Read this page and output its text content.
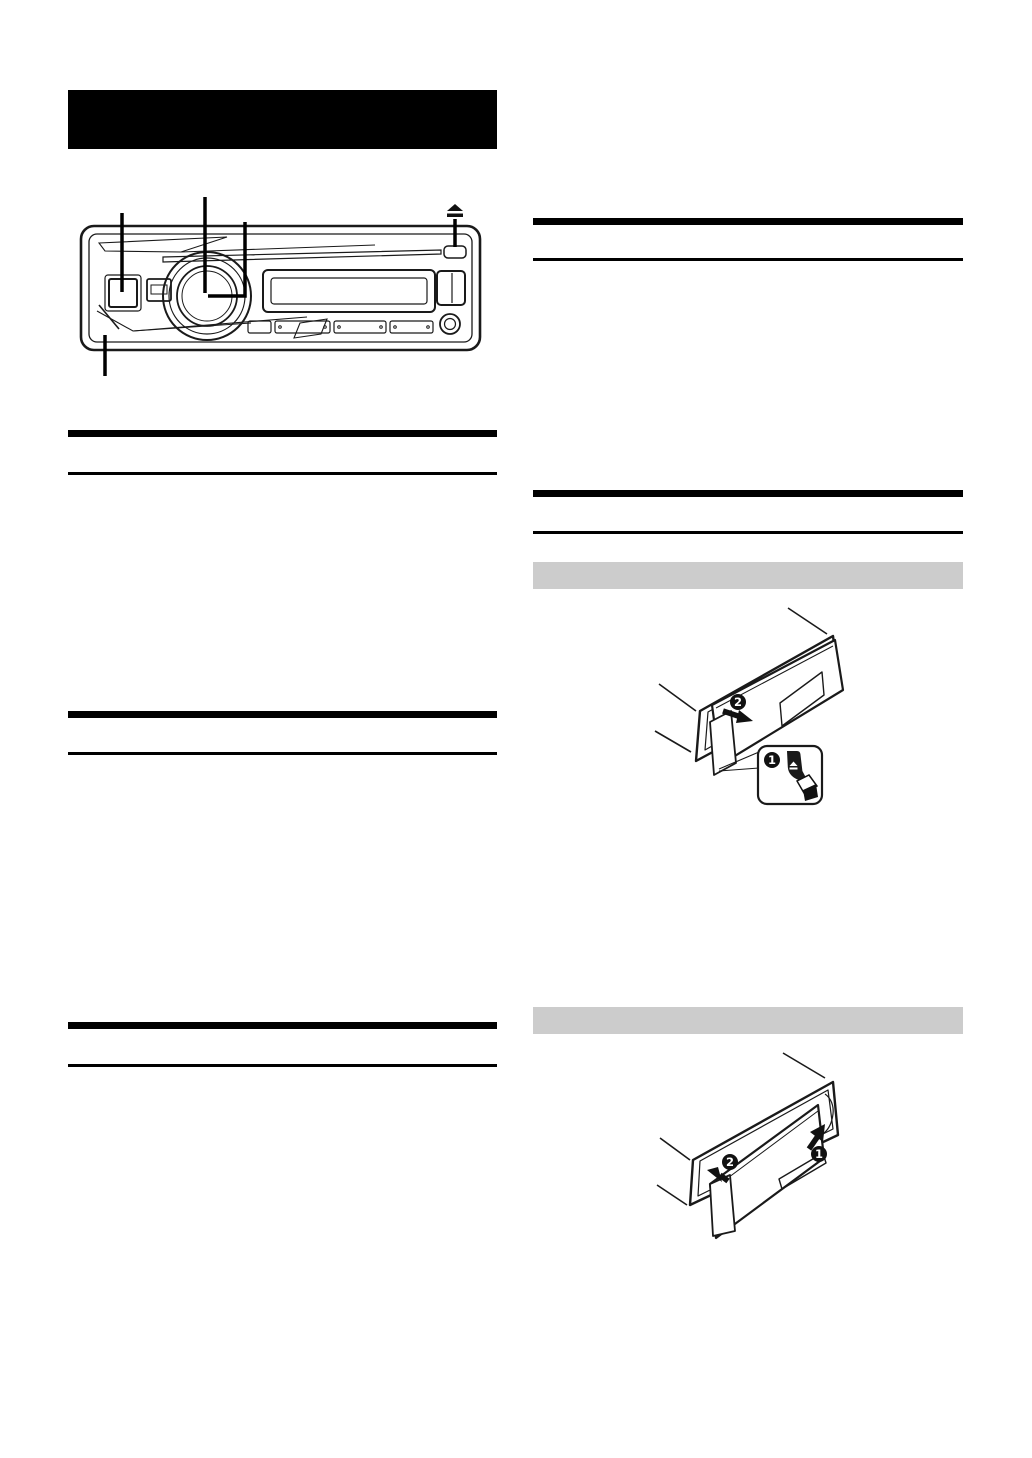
2
1
1
2
